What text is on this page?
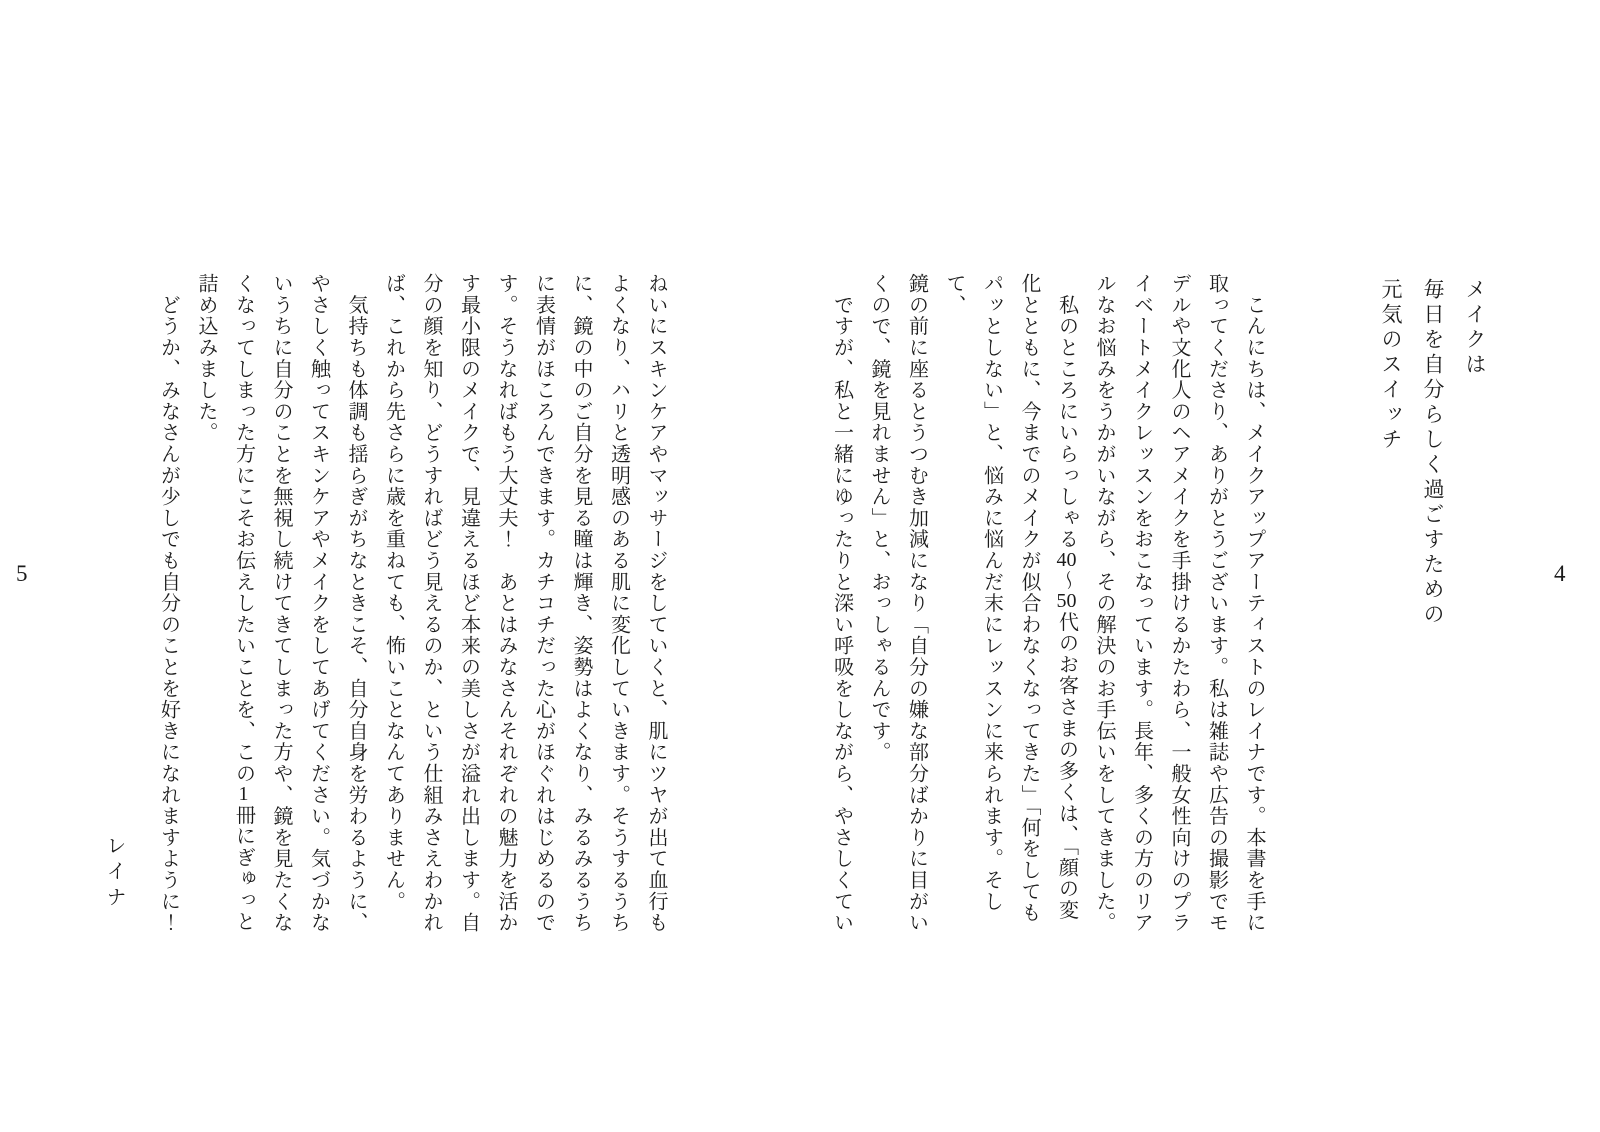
メイクは
毎日を自分らしく過ごすための
元気のスイッチ
　こんにちは、メイクアップアーティストのレイナです。本書を手に
取ってくださり、ありがとうございます。私は雑誌や広告の撮影でモ
デルや文化人のヘアメイクを手掛けるかたわら、一般女性向けのプラ
イベートメイクレッスンをおこなっています。長年、多くの方のリア
ルなお悩みをうかがいながら、その解決のお手伝いをしてきました。
　私のところにいらっしゃる40〜50代のお客さまの多くは、「顔の変
化とともに、今までのメイクが似合わなくなってきた」「何をしても
パッとしない」と、悩みに悩んだ末にレッスンに来られます。そして、
鏡の前に座るとうつむき加減になり「自分の嫌な部分ばかりに目がい
くので、鏡を見れません」と、おっしゃるんです。
　ですが、私と一緒にゆったりと深い呼吸をしながら、やさしくてい	4
ねいにスキンケアやマッサージをしていくと、肌にツヤが出て血行も
よくなり、ハリと透明感のある肌に変化していきます。そうするうち
に、鏡の中のご自分を見る瞳は輝き、姿勢はよくなり、みるみるうち
に表情がほころんできます。カチコチだった心がほぐれはじめるので
す。そうなればもう大丈夫！　あとはみなさんそれぞれの魅力を活か
す最小限のメイクで、見違えるほど本来の美しさが溢れ出します。自
分の顔を知り、どうすればどう見えるのか、という仕組みさえわかれ
ば、これから先さらに歳を重ねても、怖いことなんてありません。
　気持ちも体調も揺らぎがちなときこそ、自分自身を労わるように、
やさしく触ってスキンケアやメイクをしてあげてください。気づかな
いうちに自分のことを無視し続けてきてしまった方や、鏡を見たくな
くなってしまった方にこそお伝えしたいことを、この1冊にぎゅっと
詰め込みました。
　どうか、みなさんが少しでも自分のことを好きになれますように！
レイナ
5
